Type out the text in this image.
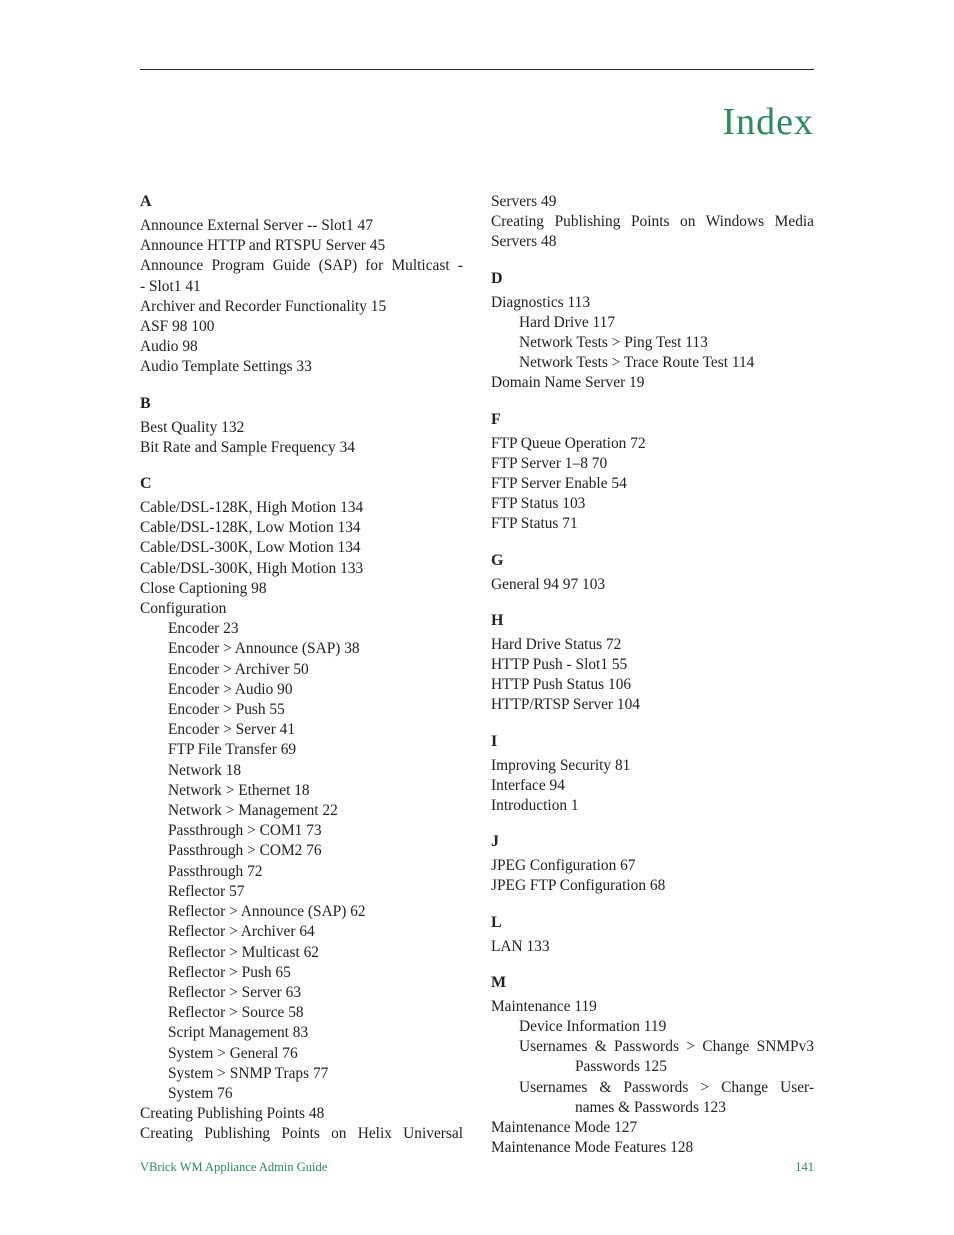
Index
A
Announce External Server -- Slot1 47
Announce HTTP and RTSPU Server 45
Announce Program Guide (SAP) for Multicast -
- Slot1 41
Archiver and Recorder Functionality 15
ASF 98 100
Audio 98
Audio Template Settings 33
B
Best Quality 132
Bit Rate and Sample Frequency 34
C
Cable/DSL-128K, High Motion 134
Cable/DSL-128K, Low Motion 134
Cable/DSL-300K, Low Motion 134
Cable/DSL-300K, High Motion 133
Close Captioning 98
Configuration
Encoder 23
Encoder > Announce (SAP) 38
Encoder > Archiver 50
Encoder > Audio 90
Encoder > Push 55
Encoder > Server 41
FTP File Transfer 69
Network 18
Network > Ethernet 18
Network > Management 22
Passthrough > COM1 73
Passthrough > COM2 76
Passthrough 72
Reflector 57
Reflector > Announce (SAP) 62
Reflector > Archiver 64
Reflector > Multicast 62
Reflector > Push 65
Reflector > Server 63
Reflector > Source 58
Script Management 83
System > General 76
System > SNMP Traps 77
System 76
Creating Publishing Points 48
Creating Publishing Points on Helix Universal
Servers 49
Creating Publishing Points on Windows Media
Servers 48
D
Diagnostics 113
Hard Drive 117
Network Tests > Ping Test 113
Network Tests > Trace Route Test 114
Domain Name Server 19
F
FTP Queue Operation 72
FTP Server 1–8 70
FTP Server Enable 54
FTP Status 103
FTP Status 71
G
General 94 97 103
H
Hard Drive Status 72
HTTP Push - Slot1 55
HTTP Push Status 106
HTTP/RTSP Server 104
I
Improving Security 81
Interface 94
Introduction 1
J
JPEG Configuration 67
JPEG FTP Configuration 68
L
LAN 133
M
Maintenance 119
Device Information 119
Usernames & Passwords > Change SNMPv3
Passwords 125
Usernames & Passwords > Change User-
names & Passwords 123
Maintenance Mode 127
Maintenance Mode Features 128
VBrick WM Appliance Admin Guide	141
